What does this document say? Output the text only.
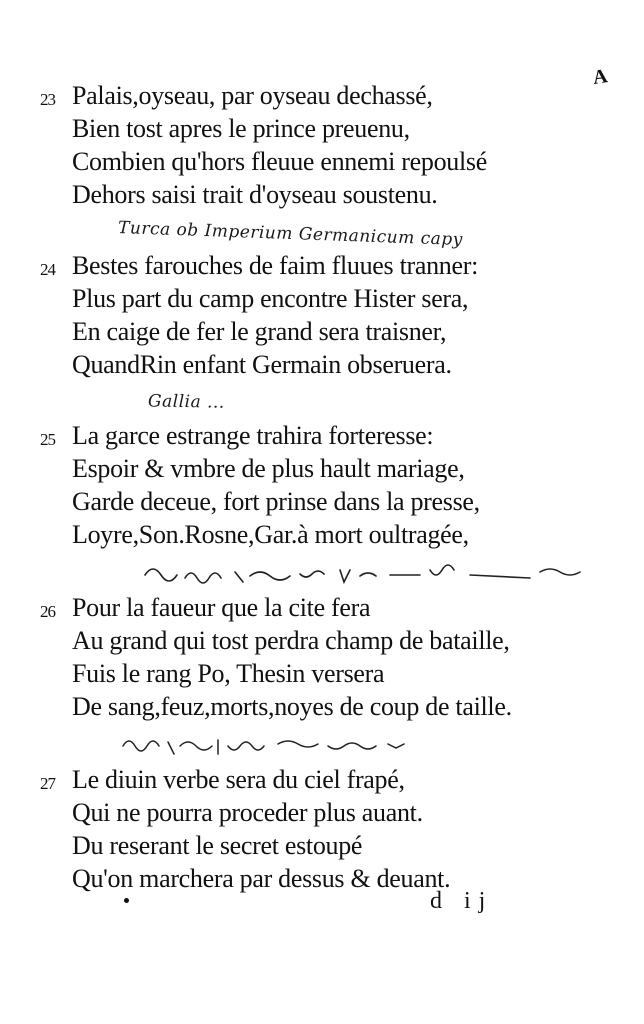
A
23 Palais,oyseau, par oyseau dechassé,
Bien tost apres le prince preuenu,
Combien qu'hors fleuue ennemi repoulsé
Dehors saisi trait d'oyseau soustenu.
Turca ob Imperium Germanicum capy
24 Bestes farouches de faim fluues tranner:
Plus part du camp encontre Hister sera,
En caige de fer le grand sera traisner,
QuandRin enfant Germain obseruera.
Gallia ...
25 La garce estrange trahira forteresse:
Espoir & vmbre de plus hault mariage,
Garde deceue, fort prinse dans la presse,
Loyre,Son.Rosne,Gar.à mort oultragée,
26 Pour la faueur que la cite fera
Au grand qui tost perdra champ de bataille,
Fuis le rang Po, Thesin versera
De sang,feuz,morts,noyes de coup de taille.
27 Le diuin verbe sera du ciel frapé,
Qui ne pourra proceder plus auant.
Du reserant le secret estoupé
Qu'on marchera par dessus & deuant.
d ij
